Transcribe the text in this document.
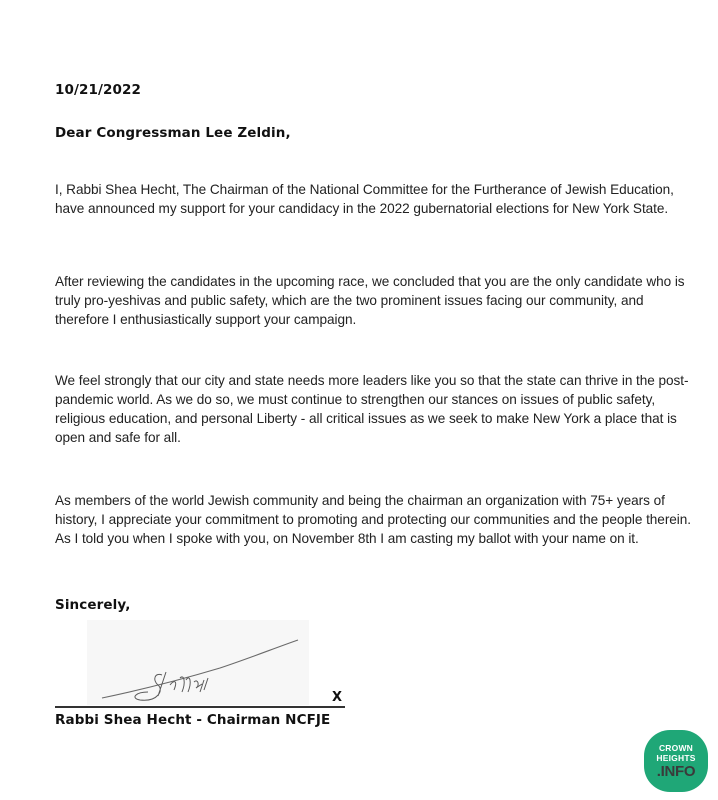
10/21/2022
Dear Congressman Lee Zeldin,
I, Rabbi Shea Hecht, The Chairman of the National Committee for the Furtherance of Jewish Education, have announced my support for your candidacy in the 2022 gubernatorial elections for New York State.
After reviewing the candidates in the upcoming race, we concluded that you are the only candidate who is truly pro-yeshivas and public safety, which are the two prominent issues facing our community, and therefore I enthusiastically support your campaign.
We feel strongly that our city and state needs more leaders like you so that the state can thrive in the post-pandemic world. As we do so, we must continue to strengthen our stances on issues of public safety, religious education, and personal Liberty - all critical issues as we seek to make New York a place that is open and safe for all.
As members of the world Jewish community and being the chairman an organization with 75+ years of history, I appreciate your commitment to promoting and protecting our communities and the people therein. As I told you when I spoke with you, on November 8th I am casting my ballot with your name on it.
Sincerely,
X
Rabbi Shea Hecht - Chairman NCFJE
CROWN
HEIGHTS
.INFO
